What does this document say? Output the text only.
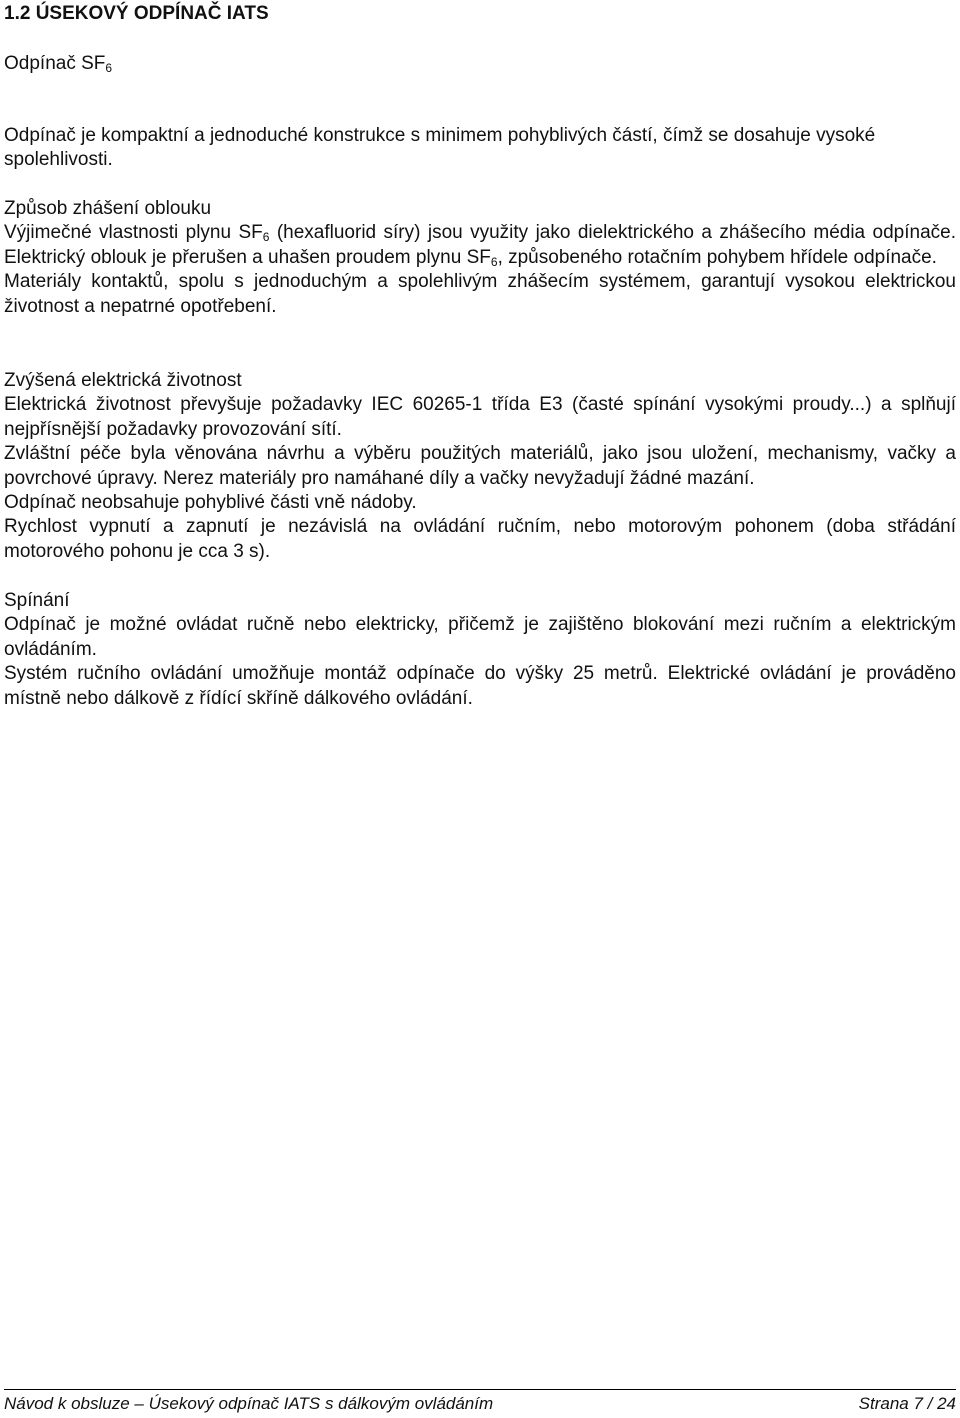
1.2 ÚSEKOVÝ ODPÍNAČ IATS

Odpínač $SF_6$

Odpínač je kompaktní a jednoduché konstrukce s minimem pohyblivých částí, čímž se dosahuje vysoké spolehlivosti.

Způsob zhášení oblouku

Výjimečné vlastnosti plynu $SF_6$ (hexafluorid síry) jsou využity jako dielektrického a zhášecího média odpínače. Elektrický oblouk je přerušen a uhašen proudem plynu $SF_6$, způsobeného rotačním pohybem hřídele odpínače.

Materiály kontaktů, spolu s jednoduchým a spolehlivým zhášecím systémem, garantují vysokou elektrickou životnost a nepatrné opotřebení.

Zvýšená elektrická životnost

Elektrická životnost převyšuje požadavky IEC 60265-1 třída E3 (časté spínání vysokými proudy...) a splňují nejpřísnější požadavky provozování sítí.

Zvláštní péče byla věnována návrhu a výběru použitých materiálů, jako jsou uložení, mechanismy, vačky a povrchové úpravy. Nerez materiály pro namáhané díly a vačky nevyžadují žádné mazání.

Odpínač neobsahuje pohyblivé části vně nádoby.

Rychlost vypnutí a zapnutí je nezávislá na ovládání ručním, nebo motorovým pohonem (doba střádání motorového pohonu je cca 3 s).

Spínání

Odpínač je možné ovládat ručně nebo elektricky, přičemž je zajištěno blokování mezi ručním a elektrickým ovládáním.

Systém ručního ovládání umožňuje montáž odpínače do výšky 25 metrů. Elektrické ovládání je prováděno místně nebo dálkově z řídící skříně dálkového ovládání.

Návod k obsluze – Úsekový odpínač IATS s dálkovým ovládáním	Strana 7 / 24
